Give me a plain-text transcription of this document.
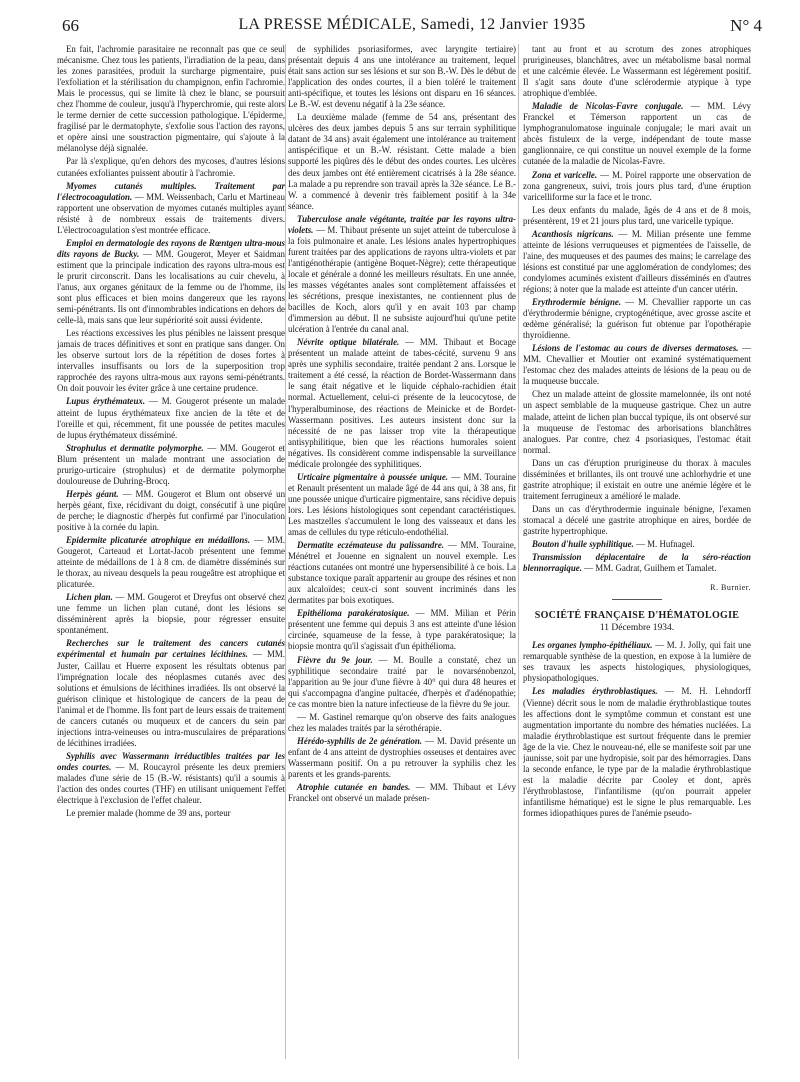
66	LA PRESSE MÉDICALE, Samedi, 12 Janvier 1935	N° 4

En fait, l'achromie parasitaire ne reconnaît pas que ce seul mécanisme. Chez tous les patients, l'irradiation de la peau, dans les zones parasitées, produit la surcharge pigmentaire, puis l'exfoliation et la stérilisation du champignon, enfin l'achromie. Mais le processus, qui se limite là chez le blanc, se poursuit chez l'homme de couleur, jusqu'à l'hyperchromie, qui reste alors le terme dernier de cette succession pathologique. L'épiderme, fragilisé par le dermatophyte, s'exfolie sous l'action des rayons, et opère ainsi une soustraction pigmentaire, qui s'ajoute à la mélanolyse déjà signalée.

Par là s'explique, qu'en dehors des mycoses, d'autres lésions cutanées exfoliantes puissent aboutir à l'achromie.

Myomes cutanés multiples. Traitement par l'électrocoagulation. — MM. Weissenbach, Carlu et Martineau rapportent une observation de myomes cutanés multiples ayant résisté à de nombreux essais de traitements divers. L'électrocoagulation s'est montrée efficace.

Emploi en dermatologie des rayons de Rœntgen ultra-mous dits rayons de Bucky. — MM. Gougerot, Meyer et Saidman estiment que la principale indication des rayons ultra-mous est le prurit circonscrit. Dans les localisations au cuir chevelu, à l'anus, aux organes génitaux de la femme ou de l'homme, ils sont plus efficaces et bien moins dangereux que les rayons semi-pénétrants. Ils ont d'innombrables indications en dehors de celle-là, mais sans que leur supériorité soit aussi évidente.

Les réactions excessives les plus pénibles ne laissent presque jamais de traces définitives et sont en pratique sans danger. On les observe surtout lors de la répétition de doses fortes à intervalles insuffisants ou lors de la superposition trop rapprochée des rayons ultra-mous aux rayons semi-pénétrants. On doit pouvoir les éviter grâce à une certaine prudence.

Lupus érythémateux. — M. Gougerot présente un malade atteint de lupus érythémateux fixe ancien de la tête et de l'oreille et qui, récemment, fit une poussée de petites macules de lupus érythémateux disséminé.

Strophulus et dermatite polymorphe. — MM. Gougerot et Blum présentent un malade montrant une association de prurigo-urticaire (strophulus) et de dermatite polymorphe douloureuse de Duhring-Brocq.

Herpès géant. — MM. Gougerot et Blum ont observé un herpès géant, fixe, récidivant du doigt, consécutif à une piqûre de perche; le diagnostic d'herpès fut confirmé par l'inoculation positive à la cornée du lapin.

Epidermite plicaturée atrophique en médaillons. — MM. Gougerot, Carteaud et Lortat-Jacob présentent une femme atteinte de médaillons de 1 à 8 cm. de diamètre disséminés sur le thorax, au niveau desquels la peau rougeâtre est atrophique et plicaturée.

Lichen plan. — MM. Gougerot et Dreyfus ont observé chez une femme un lichen plan cutané, dont les lésions se disséminèrent après la biopsie, pour régresser ensuite spontanément.

Recherches sur le traitement des cancers cutanés expérimental et humain par certaines lécithines. — MM. Juster, Caillau et Huerre exposent les résultats obtenus par l'imprégnation locale des néoplasmes cutanés avec des solutions et émulsions de lécithines irradiées. Ils ont observé la guérison clinique et histologique de cancers de la peau de l'animal et de l'homme. Ils font part de leurs essais de traitement de cancers cutanés ou muqueux et de cancers du sein par injections intra-veineuses ou intra-musculaires de préparations de lécithines irradiées.

Syphilis avec Wassermann irréductibles traitées par les ondes courtes. — M. Roucayrol présente les deux premiers malades d'une série de 15 (B.-W. résistants) qu'il a soumis à l'action des ondes courtes (THF) en utilisant uniquement l'effet électrique à l'exclusion de l'effet chaleur.

Le premier malade (homme de 39 ans, porteur

de syphilides psoriasiformes, avec laryngite tertiaire) présentait depuis 4 ans une intolérance au traitement, lequel était sans action sur ses lésions et sur son B.-W. Dès le début de l'application des ondes courtes, il a bien toléré le traitement anti-spécifique, et toutes les lésions ont disparu en 16 séances. Le B.-W. est devenu négatif à la 23e séance.

La deuxième malade (femme de 54 ans, présentant des ulcères des deux jambes depuis 5 ans sur terrain syphilitique datant de 34 ans) avait également une intolérance au traitement antispécifique et un B.-W. résistant. Cette malade a bien supporté les piqûres dès le début des ondes courtes. Les ulcères des deux jambes ont été entièrement cicatrisés à la 28e séance. La malade a pu reprendre son travail après la 32e séance. Le B.-W. a commencé à devenir très faiblement positif à la 34e séance.

Tuberculose anale végétante, traitée par les rayons ultra-violets. — M. Thibaut présente un sujet atteint de tuberculose à la fois pulmonaire et anale. Les lésions anales hypertrophiques furent traitées par des applications de rayons ultra-violets et par l'antigénothérapie (antigène Boquet-Nègre); cette thérapeutique locale et générale a donné les meilleurs résultats. En une année, les masses végétantes anales sont complètement affaissées et les sécrétions, presque inexistantes, ne contiennent plus de bacilles de Koch, alors qu'il y en avait 103 par champ d'immersion au début. Il ne subsiste aujourd'hui qu'une petite ulcération à l'entrée du canal anal.

Névrite optique bilatérale. — MM. Thibaut et Bocage présentent un malade atteint de tabes-cécité, survenu 9 ans après une syphilis secondaire, traitée pendant 2 ans. Lorsque le traitement a été cessé, la réaction de Bordet-Wassermann dans le sang était négative et le liquide céphalo-rachidien était normal. Actuellement, celui-ci présente de la leucocytose, de l'hyperalbuminose, des réactions de Meinicke et de Bordet-Wassermann positives. Les auteurs insistent donc sur la nécessité de ne pas laisser trop vite la thérapeutique antisyphilitique, bien que les réactions humorales soient négatives. Ils considèrent comme indispensable la surveillance médicale prolongée des syphilitiques.

Urticaire pigmentaire à poussée unique. — MM. Touraine et Renault présentent un malade âgé de 44 ans qui, à 38 ans, fit une poussée unique d'urticaire pigmentaire, sans récidive depuis lors. Les lésions histologiques sont cependant caractéristiques. Les mastzelles s'accumulent le long des vaisseaux et dans les amas de cellules du type réticulo-endothélial.

Dermatite eczémateuse du palissandre. — MM. Touraine, Ménétrel et Jouenne en signalent un nouvel exemple. Les réactions cutanées ont montré une hypersensibilité à ce bois. La substance toxique paraît appartenir au groupe des résines et non aux alcaloïdes; ceux-ci sont souvent incriminés dans les dermatites par bois exotiques.

Epithélioma parakératosique. — MM. Milian et Périn présentent une femme qui depuis 3 ans est atteinte d'une lésion circinée, squameuse de la fesse, à type parakératosique; la biopsie montra qu'il s'agissait d'un épithélioma.

Fièvre du 9e jour. — M. Boulle a constaté, chez un syphilitique secondaire traité par le novarsénobenzol, l'apparition au 9e jour d'une fièvre à 40° qui dura 48 heures et qui s'accompagna d'angine pultacée, d'herpès et d'adénopathie; ce cas montre bien la nature infectieuse de la fièvre du 9e jour.

— M. Gastinel remarque qu'on observe des faits analogues chez les malades traités par la sérothérapie.

Hérédo-syphilis de 2e génération. — M. David présente un enfant de 4 ans atteint de dystrophies osseuses et dentaires avec Wassermann positif. On a pu retrouver la syphilis chez les parents et les grands-parents.

Atrophie cutanée en bandes. — MM. Thibaut et Lévy Franckel ont observé un malade présen-

tant au front et au scrotum des zones atrophiques prurigineuses, blanchâtres, avec un métabolisme basal normal et une calcémie élevée. Le Wassermann est légèrement positif. Il s'agit sans doute d'une sclérodermie atypique à type atrophique d'emblée.

Maladie de Nicolas-Favre conjugale. — MM. Lévy Franckel et Témerson rapportent un cas de lymphogranulomatose inguinale conjugale; le mari avait un abcès fistuleux de la verge, indépendant de toute masse ganglionnaire, ce qui constitue un nouvel exemple de la forme cutanée de la maladie de Nicolas-Favre.

Zona et varicelle. — M. Poirel rapporte une observation de zona gangreneux, suivi, trois jours plus tard, d'une éruption varicelliforme sur la face et le tronc.

Les deux enfants du malade, âgés de 4 ans et de 8 mois, présentèrent, 19 et 21 jours plus tard, une varicelle typique.

Acanthosis nigricans. — M. Milian présente une femme atteinte de lésions verruqueuses et pigmentées de l'aisselle, de l'aine, des muqueuses et des paumes des mains; le carrelage des lésions est constitué par une agglomération de condylomes; des condylomes acuminés existent d'ailleurs disséminés en d'autres régions; à noter que la malade est atteinte d'un cancer utérin.

Erythrodermie bénigne. — M. Chevallier rapporte un cas d'érythrodermie bénigne, cryptogénétique, avec grosse ascite et œdème généralisé; la guérison fut obtenue par l'opothérapie thyroïdienne.

Lésions de l'estomac au cours de diverses dermatoses. — MM. Chevallier et Moutier ont examiné systématiquement l'estomac chez des malades atteints de lésions de la peau ou de la muqueuse buccale.

Chez un malade atteint de glossite mamelonnée, ils ont noté un aspect semblable de la muqueuse gastrique. Chez un autre malade, atteint de lichen plan buccal typique, ils ont observé sur la muqueuse de l'estomac des arborisations blanchâtres analogues. Par contre, chez 4 psoriasiques, l'estomac était normal.

Dans un cas d'éruption prurigineuse du thorax à macules disséminées et brillantes, ils ont trouvé une achlorhydrie et une gastrite atrophique; il existait en outre une anémie légère et le traitement ferrugineux a amélioré le malade.

Dans un cas d'érythrodermie inguinale bénigne, l'examen stomacal a décelé une gastrite atrophique en aires, bordée de gastrite hypertrophique.

Bouton d'huile syphilitique. — M. Hufnagel.

Transmission déplacentaire de la séro-réaction blennorragique. — MM. Gadrat, Guilhem et Tamalet.

R. Burnier.

SOCIÉTÉ FRANÇAISE D'HÉMATOLOGIE

11 Décembre 1934.

Les organes lympho-épithéliaux. — M. J. Jolly, qui fait une remarquable synthèse de la question, en expose à la lumière de ses travaux les aspects histologiques, physiologiques, physiopathologiques.

Les maladies érythroblastiques. — M. H. Lehndorff (Vienne) décrit sous le nom de maladie érythroblastique toutes les affections dont le symptôme commun et constant est une augmentation importante du nombre des hématies nucléées. La maladie érythroblastique est surtout fréquente dans le premier âge de la vie. Chez le nouveau-né, elle se manifeste soit par une jaunisse, soit par une hydropisie, soit par des hémorragies. Dans la seconde enfance, le type par de la maladie érythroblastique est la maladie décrite par Cooley et dont, après l'érythroblastose, l'infantilisme (qu'on pourrait appeler infantilisme hématique) est le signe le plus remarquable. Les formes idiopathiques pures de l'anémie pseudo-
